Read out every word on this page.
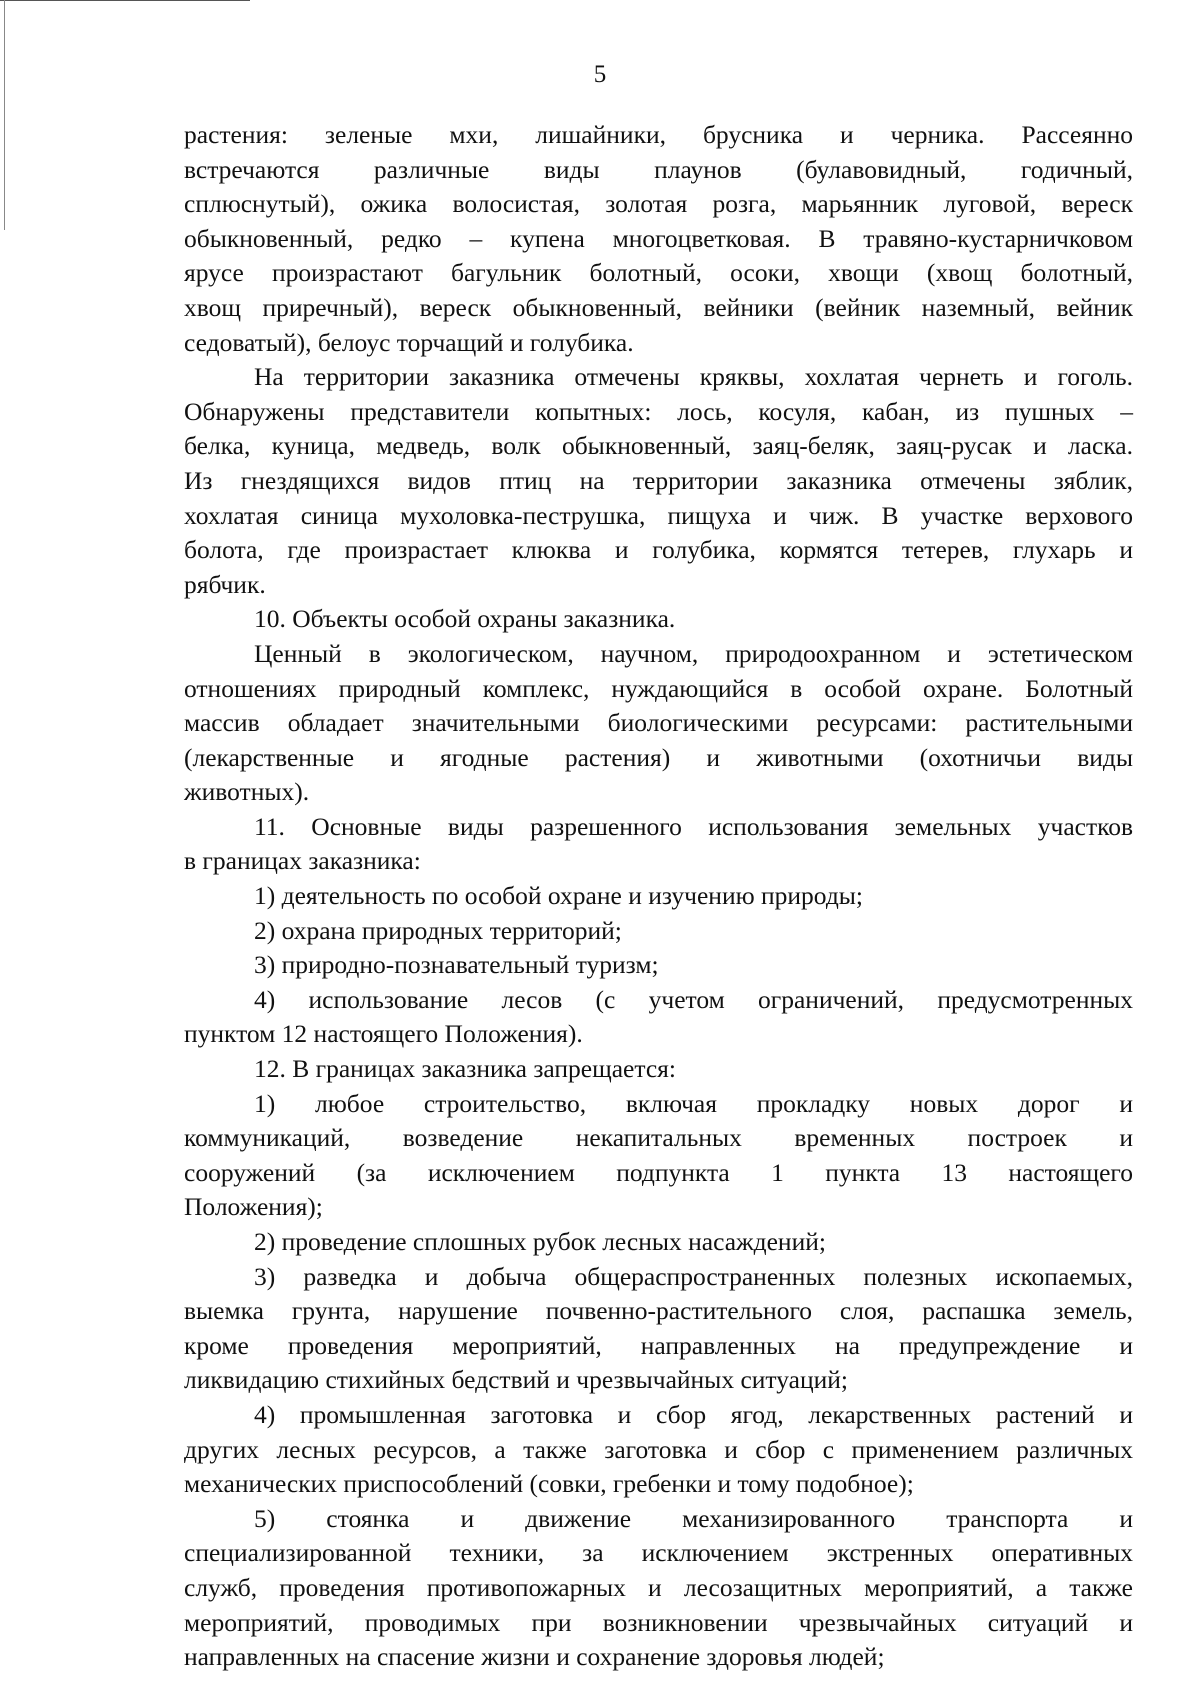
5

растения: зеленые мхи, лишайники, брусника и черника. Рассеянно

встречаются различные виды плаунов (булавовидный, годичный,

сплюснутый), ожика волосистая, золотая розга, марьянник луговой, вереск

обыкновенный, редко – купена многоцветковая. В травяно-кустарничковом

ярусе произрастают багульник болотный, осоки, хвощи (хвощ болотный,

хвощ приречный), вереск обыкновенный, вейники (вейник наземный, вейник

седоватый), белоус торчащий и голубика.

На территории заказника отмечены кряквы, хохлатая чернеть и гоголь.

Обнаружены представители копытных: лось, косуля, кабан, из пушных –

белка, куница, медведь, волк обыкновенный, заяц-беляк, заяц-русак и ласка.

Из гнездящихся видов птиц на территории заказника отмечены зяблик,

хохлатая синица мухоловка-пеструшка, пищуха и чиж. В участке верхового

болота, где произрастает клюква и голубика, кормятся тетерев, глухарь и

рябчик.

10. Объекты особой охраны заказника.

Ценный в экологическом, научном, природоохранном и эстетическом

отношениях природный комплекс, нуждающийся в особой охране. Болотный

массив обладает значительными биологическими ресурсами: растительными

(лекарственные и ягодные растения) и животными (охотничьи виды

животных).

11. Основные виды разрешенного использования земельных участков

в границах заказника:

1) деятельность по особой охране и изучению природы;

2) охрана природных территорий;

3) природно-познавательный туризм;

4) использование лесов (с учетом ограничений, предусмотренных

пунктом 12 настоящего Положения).

12. В границах заказника запрещается:

1) любое строительство, включая прокладку новых дорог и

коммуникаций, возведение некапитальных временных построек и

сооружений (за исключением подпункта 1 пункта 13 настоящего

Положения);

2) проведение сплошных рубок лесных насаждений;

3) разведка и добыча общераспространенных полезных ископаемых,

выемка грунта, нарушение почвенно-растительного слоя, распашка земель,

кроме проведения мероприятий, направленных на предупреждение и

ликвидацию стихийных бедствий и чрезвычайных ситуаций;

4) промышленная заготовка и сбор ягод, лекарственных растений и

других лесных ресурсов, а также заготовка и сбор с применением различных

механических приспособлений (совки, гребенки и тому подобное);

5) стоянка и движение механизированного транспорта и

специализированной техники, за исключением экстренных оперативных

служб, проведения противопожарных и лесозащитных мероприятий, а также

мероприятий, проводимых при возникновении чрезвычайных ситуаций и

направленных на спасение жизни и сохранение здоровья людей;
